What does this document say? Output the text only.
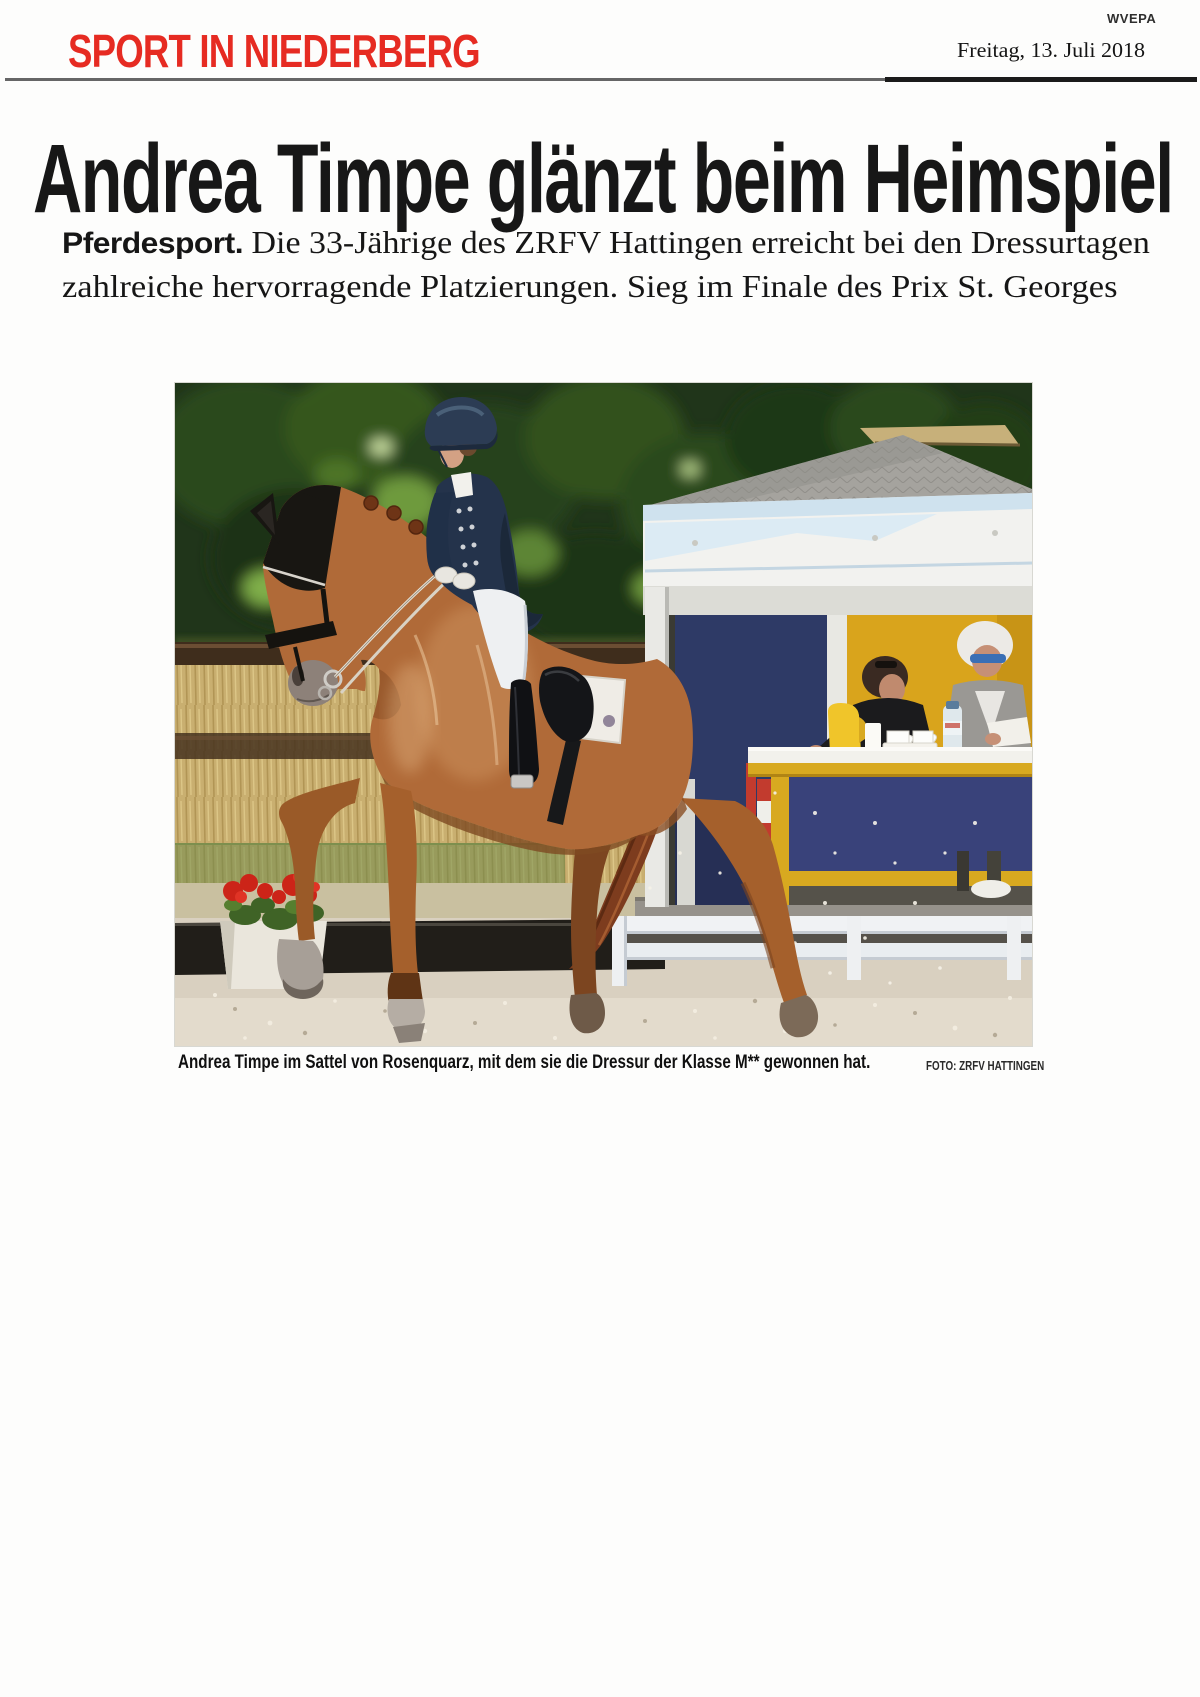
WVEPA
SPORT IN NIEDERBERG	Freitag, 13. Juli 2018
Andrea Timpe glänzt beim Heimspiel
Pferdesport. Die 33-Jährige des ZRFV Hattingen erreicht bei den Dressurtagen
zahlreiche hervorragende Platzierungen. Sieg im Finale des Prix St. Georges
Andrea Timpe im Sattel von Rosenquarz, mit dem sie die Dressur der Klasse M** gewonnen hat.	FOTO: ZRFV HATTINGEN
